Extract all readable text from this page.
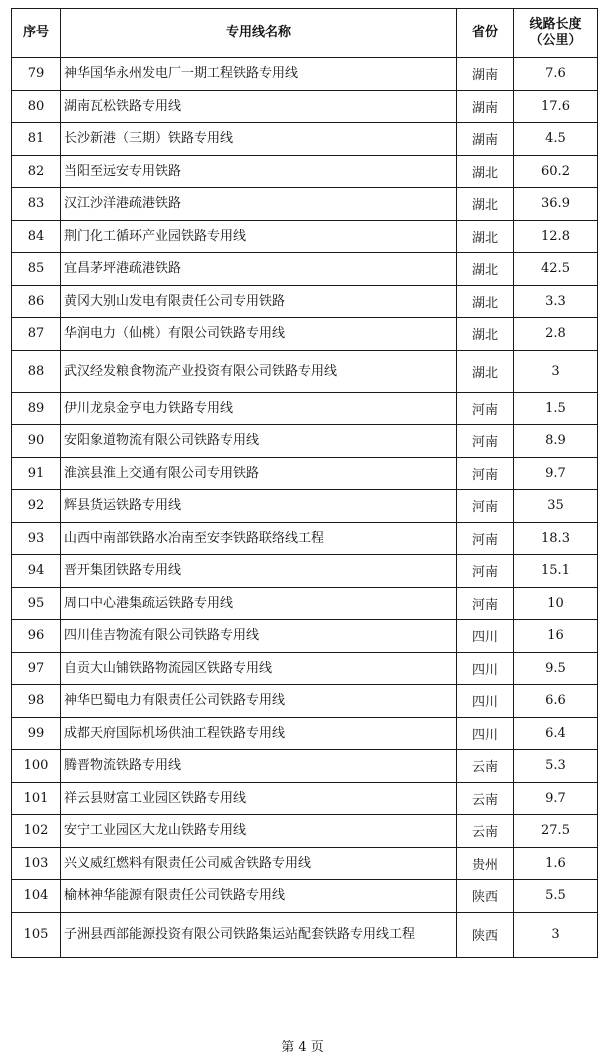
序号	专用线名称	省份	线路长度
（公里）

79	神华国华永州发电厂一期工程铁路专用线	湖南	7.6
80	湖南瓦松铁路专用线	湖南	17.6
81	长沙新港（三期）铁路专用线	湖南	4.5
82	当阳至远安专用铁路	湖北	60.2
83	汉江沙洋港疏港铁路	湖北	36.9
84	荆门化工循环产业园铁路专用线	湖北	12.8
85	宜昌茅坪港疏港铁路	湖北	42.5
86	黄冈大别山发电有限责任公司专用铁路	湖北	3.3
87	华润电力（仙桃）有限公司铁路专用线	湖北	2.8
88	武汉经发粮食物流产业投资有限公司铁路专用线	湖北	3
89	伊川龙泉金亨电力铁路专用线	河南	1.5
90	安阳象道物流有限公司铁路专用线	河南	8.9
91	淮滨县淮上交通有限公司专用铁路	河南	9.7
92	辉县货运铁路专用线	河南	35
93	山西中南部铁路水冶南至安李铁路联络线工程	河南	18.3
94	晋开集团铁路专用线	河南	15.1
95	周口中心港集疏运铁路专用线	河南	10
96	四川佳吉物流有限公司铁路专用线	四川	16
97	自贡大山铺铁路物流园区铁路专用线	四川	9.5
98	神华巴蜀电力有限责任公司铁路专用线	四川	6.6
99	成都天府国际机场供油工程铁路专用线	四川	6.4
100	腾晋物流铁路专用线	云南	5.3
101	祥云县财富工业园区铁路专用线	云南	9.7
102	安宁工业园区大龙山铁路专用线	云南	27.5
103	兴义威红燃料有限责任公司威舍铁路专用线	贵州	1.6
104	榆林神华能源有限责任公司铁路专用线	陕西	5.5
105	子洲县西部能源投资有限公司铁路集运站配套铁路专用线工程	陕西	3
第 4 页
